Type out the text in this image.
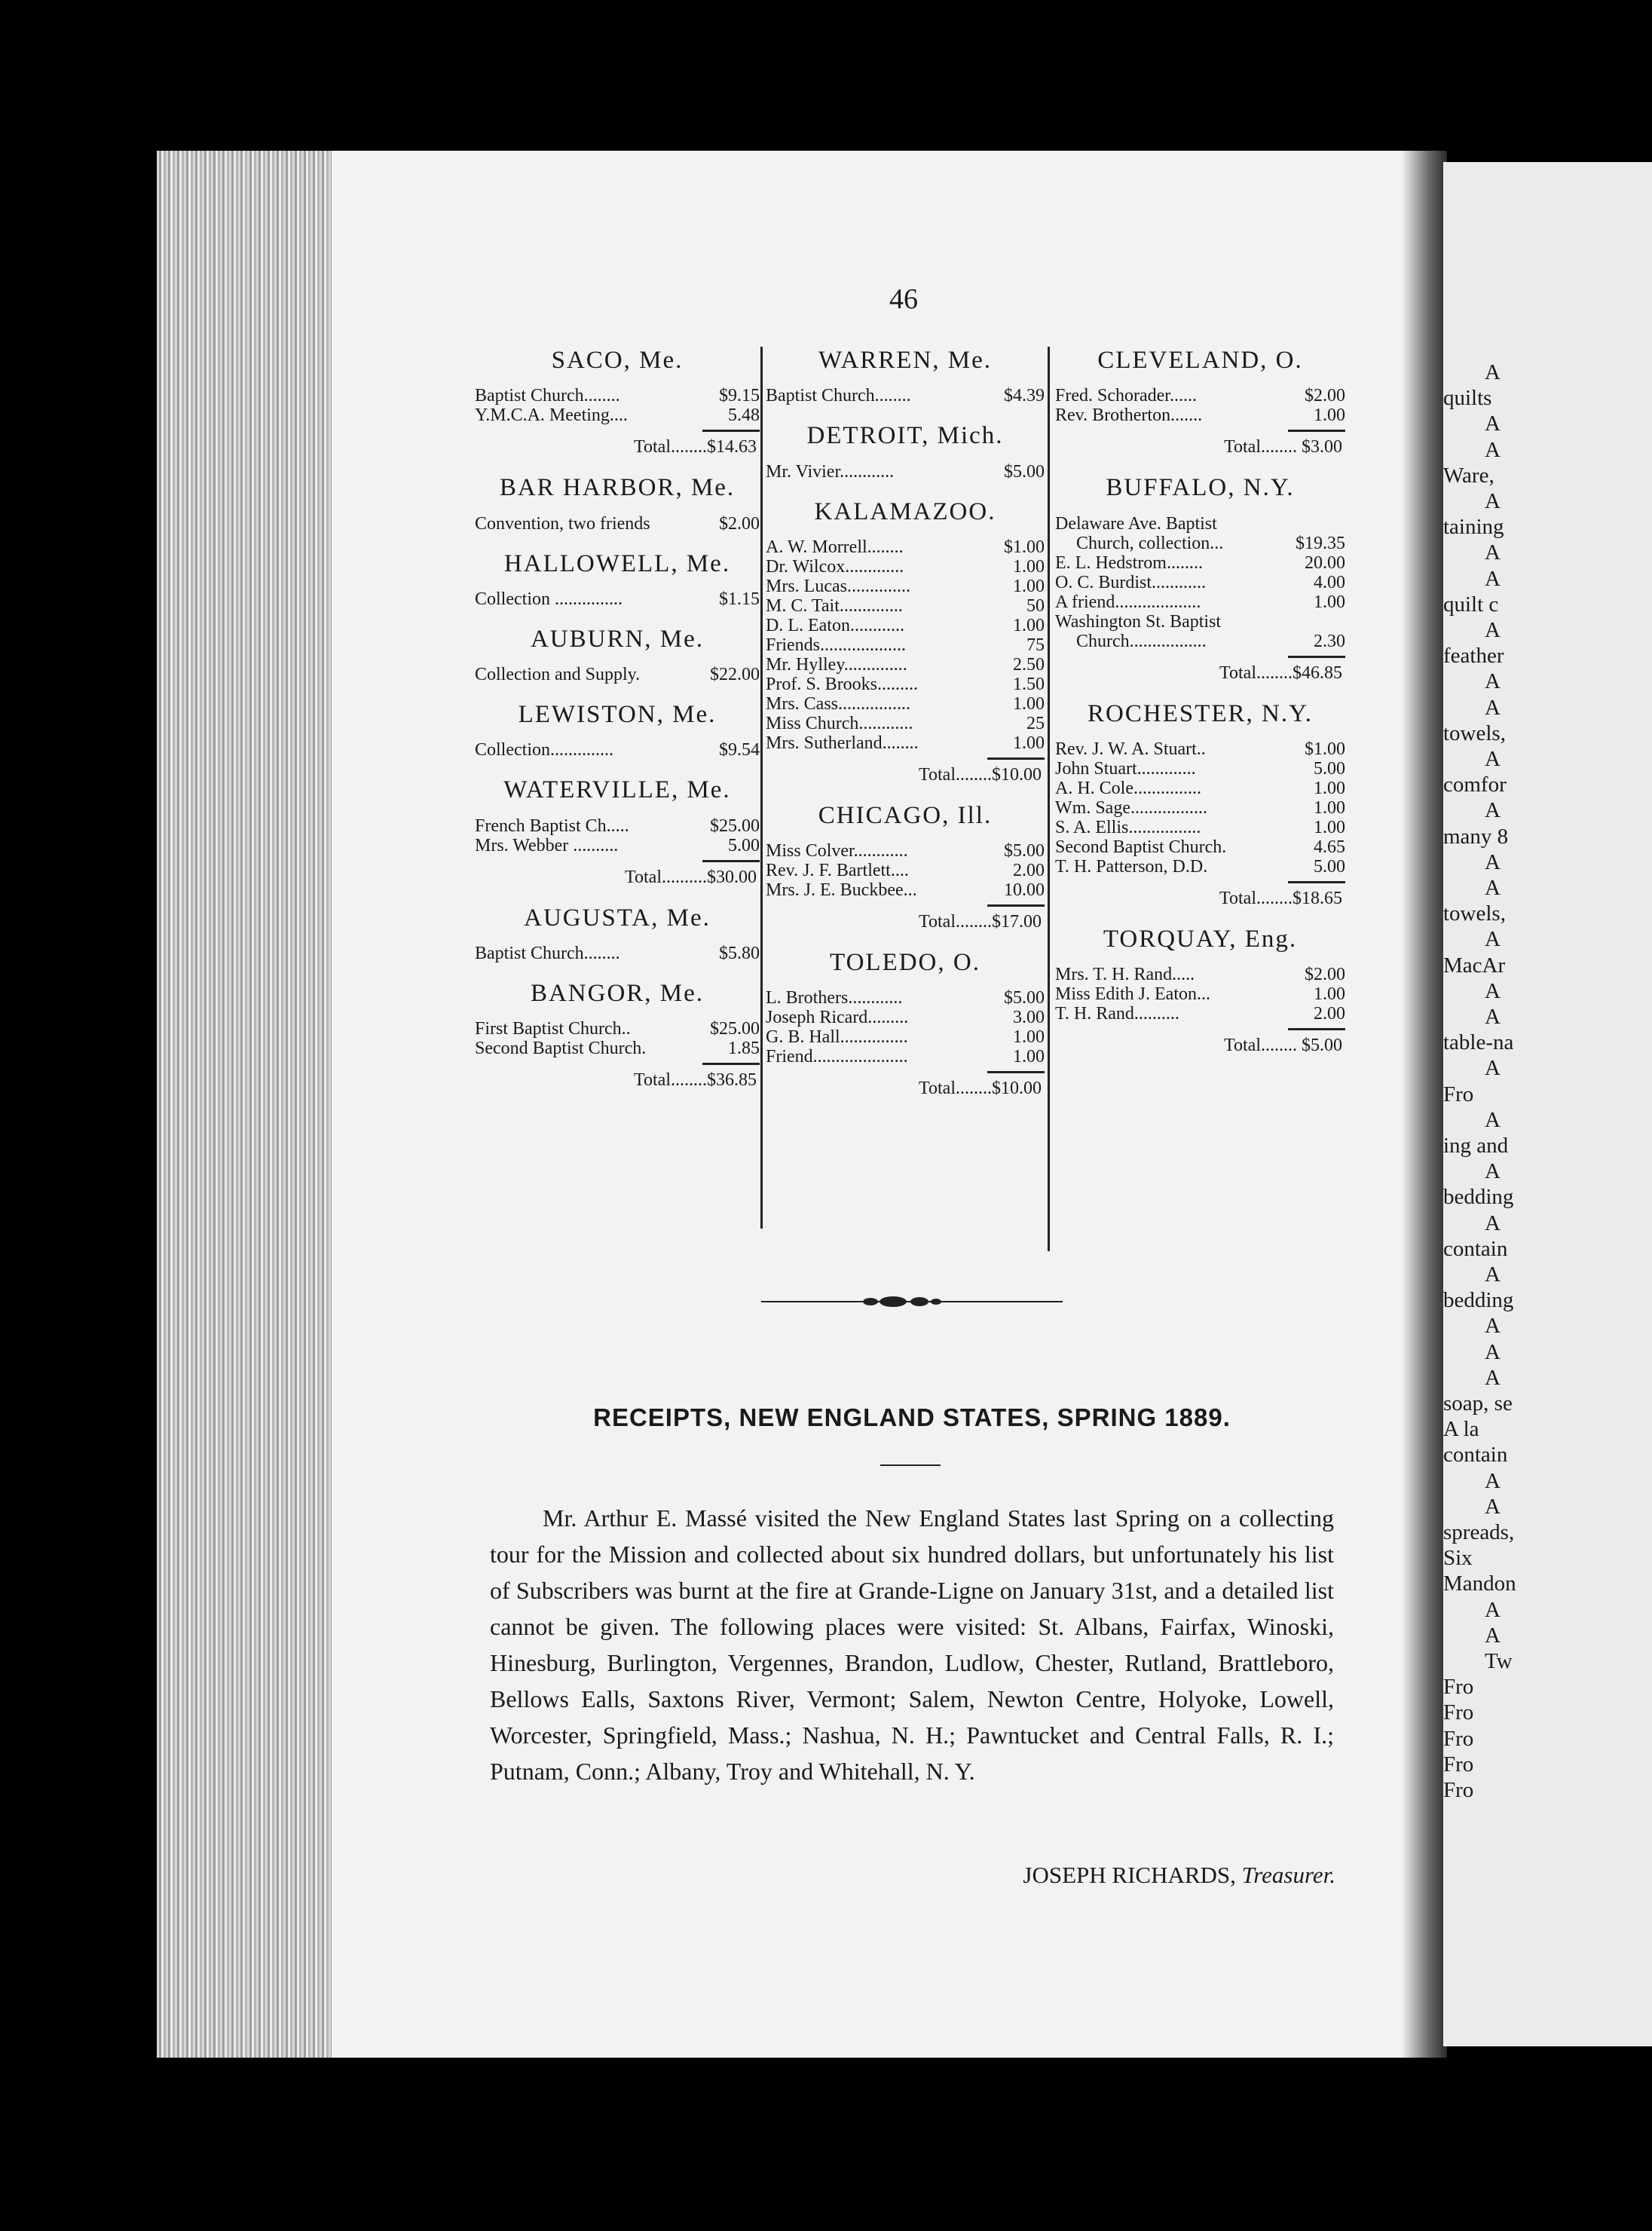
A
quilts
A
A
Ware,
A
taining
A
A
quilt c
A
feather
A
A
towels,
A
comfor
A
many 8
A
A
towels,
A
MacAr
A
A
table-na
A
Fro
A
ing and
A
bedding
A
contain
A
bedding
A
A
A
soap, se
A la
contain
A
A
spreads,
Six
Mandon
A
A
Tw
Fro
Fro
Fro
Fro
Fro
46
SACO, Me.
Baptist Church........	$9.15
Y.M.C.A. Meeting....	5.48
Total........$14.63
BAR HARBOR, Me.
Convention, two friends	$2.00
HALLOWELL, Me.
Collection ...............	$1.15
AUBURN, Me.
Collection and Supply.	$22.00
LEWISTON, Me.
Collection..............	$9.54
WATERVILLE, Me.
French Baptist Ch.....	$25.00
Mrs. Webber ..........	5.00
Total..........$30.00
AUGUSTA, Me.
Baptist Church........	$5.80
BANGOR, Me.
First Baptist Church..	$25.00
Second Baptist Church.	1.85
Total........$36.85
WARREN, Me.
Baptist Church........	$4.39
DETROIT, Mich.
Mr. Vivier............	$5.00
KALAMAZOO.
A. W. Morrell........	$1.00
Dr. Wilcox.............	1.00
Mrs. Lucas..............	1.00
M. C. Tait..............	50
D. L. Eaton............	1.00
Friends...................	75
Mr. Hylley..............	2.50
Prof. S. Brooks.........	1.50
Mrs. Cass................	1.00
Miss Church............	25
Mrs. Sutherland........	1.00
Total........$10.00
CHICAGO, Ill.
Miss Colver............	$5.00
Rev. J. F. Bartlett....	2.00
Mrs. J. E. Buckbee...	10.00
Total........$17.00
TOLEDO, O.
L. Brothers............	$5.00
Joseph Ricard.........	3.00
G. B. Hall...............	1.00
Friend.....................	1.00
Total........$10.00
CLEVELAND, O.
Fred. Schorader......	$2.00
Rev. Brotherton.......	1.00
Total........ $3.00
BUFFALO, N.Y.
Delaware Ave. Baptist
Church, collection...	$19.35
E. L. Hedstrom........	20.00
O. C. Burdist............	4.00
A friend...................	1.00
Washington St. Baptist
Church.................	2.30
Total........$46.85
ROCHESTER, N.Y.
Rev. J. W. A. Stuart..	$1.00
John Stuart.............	5.00
A. H. Cole...............	1.00
Wm. Sage.................	1.00
S. A. Ellis................	1.00
Second Baptist Church.	4.65
T. H. Patterson, D.D.	5.00
Total........$18.65
TORQUAY, Eng.
Mrs. T. H. Rand.....	$2.00
Miss Edith J. Eaton...	1.00
T. H. Rand..........	2.00
Total........ $5.00
RECEIPTS, NEW ENGLAND STATES, SPRING 1889.
Mr. Arthur E. Massé visited the New England States last Spring on a collecting tour for the Mission and collected about six hundred dollars, but unfortunately his list of Subscribers was burnt at the fire at Grande-Ligne on January 31st, and a detailed list cannot be given. The following places were visited: St. Albans, Fairfax, Winoski, Hinesburg, Burlington, Vergennes, Brandon, Ludlow, Chester, Rutland, Brattleboro, Bellows Ealls, Saxtons River, Vermont; Salem, Newton Centre, Holyoke, Lowell, Worcester, Springfield, Mass.; Nashua, N. H.; Pawntucket and Central Falls, R. I.; Putnam, Conn.; Albany, Troy and Whitehall, N. Y.
JOSEPH RICHARDS, Treasurer.
